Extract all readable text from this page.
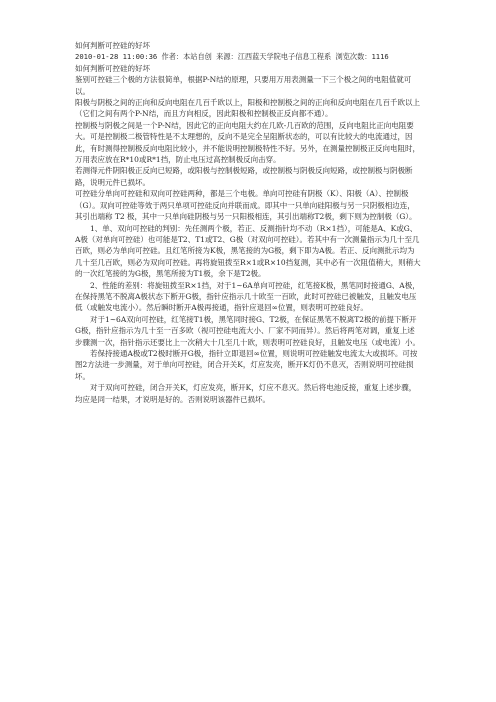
如何判断可控硅的好坏

2010-01-28 11:00:36 作者：本站自创 来源：江西蓝天学院电子信息工程系 浏览次数：1116

如何判断可控硅的好坏

鉴别可控硅三个极的方法很简单，根据P-N结的原理，只要用万用表测量一下三个极之间的电阻值就可以。

阳极与阴极之间的正向和反向电阻在几百千欧以上，阳极和控制极之间的正向和反向电阻在几百千欧以上（它们之间有两个P-N结，而且方向相反，因此阳极和控制极正反向都不通）。

控制极与阴极之间是一个P-N结，因此它的正向电阻大约在几欧-几百欧的范围，反向电阻比正向电阻要大。可是控制极二极管特性是不太理想的，反向不是完全呈阻断状态的，可以有比较大的电流通过，因此，有时测得控制极反向电阻比较小，并不能说明控制极特性不好。另外，在测量控制极正反向电阻时，万用表应放在R*10或R*1挡，防止电压过高控制极反向击穿。

若测得元件阴阳极正反向已短路，或阳极与控制极短路，或控制极与阴极反向短路，或控制极与阴极断路，说明元件已损坏。

可控硅分单向可控硅和双向可控硅两种，都是三个电极。单向可控硅有阴极（K）、阳极（A）、控制极（G）。双向可控硅等效于两只单项可控硅反向并联而成。即其中一只单向硅阳极与另一只阴极相边连，其引出端称 T2 极，其中一只单向硅阴极与另一只阳极相连，其引出端称T2极，剩下则为控制极（G）。

1、单、双向可控硅的判别：先任测两个极，若正、反测指针均不动（R×1挡），可能是A、K或G、A极（对单向可控硅）也可能是T2、T1或T2、G极（对双向可控硅）。若其中有一次测量指示为几十至几百欧，则必为单向可控硅。且红笔所接为K极，黑笔接的为G极，剩下即为A极。若正、反向测批示均为几十至几百欧，则必为双向可控硅。再将旋钮拨至R×1或R×10挡复测，其中必有一次阻值稍大，则稍大的一次红笔接的为G极，黑笔所接为T1极，余下是T2极。

2、性能的差别：将旋钮拨至R×1挡，对于1~6A单向可控硅，红笔接K极，黑笔同时接通G、A极，在保持黑笔不脱离A极状态下断开G极，指针应指示几十欧至一百欧，此时可控硅已被触发，且触发电压低（或触发电流小）。然后瞬时断开A极再接通，指针应退回∞位置，则表明可控硅良好。

对于1~6A双向可控硅，红笔接T1极，黑笔同时接G、T2极，在保证黑笔不脱离T2极的前提下断开G极，指针应指示为几十至一百多欧（视可控硅电流大小、厂家不同而异）。然后将两笔对调，重复上述步骤测一次，指针指示还要比上一次稍大十几至几十欧，则表明可控硅良好，且触发电压（或电流）小。

若保持接通A极或T2极时断开G极，指针立即退回∞位置，则说明可控硅触发电流太大或损坏。可按图2方法进一步测量，对于单向可控硅，闭合开关K，灯应发亮，断开K灯仍不息灭，否则说明可控硅损坏。

对于双向可控硅，闭合开关K，灯应发亮，断开K，灯应不息灭。然后将电池反接，重复上述步骤，均应是同一结果，才说明是好的。否则说明该器件已损坏。
